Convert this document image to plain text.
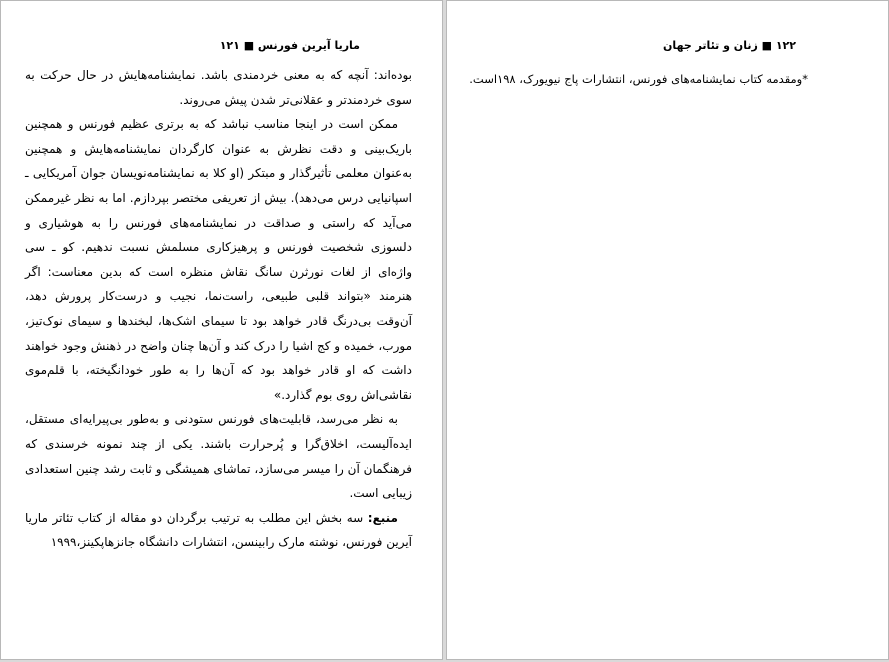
ماریا آیرین فورنس ■ ۱۲۱

بوده‌اند: آنچه که به معنی خردمندی باشد. نمایشنامه‌هایش در حال حرکت به سوی خردمندتر و عقلانی‌تر شدن پیش می‌روند.

ممکن است در اینجا مناسب نباشد که به برتری عظیم فورنس و همچنین باریک‌بینی و دقت نظرش به عنوان کارگردان نمایشنامه‌هایش و همچنین به‌عنوان معلمی تأثیرگذار و مبتکر (او کلا به نمایشنامه‌نویسان جوان آمریکایی ـ اسپانیایی درس می‌دهد). بیش از تعریفی مختصر بپردازم. اما به نظر غیرممکن می‌آید که راستی و صداقت در نمایشنامه‌های فورنس را به هوشیاری و دلسوزی شخصیت فورنس و پرهیزکاری مسلمش نسبت ندهیم. کو ـ سی واژه‌ای از لغات نورثرن سانگ نقاش منظره است که بدین معناست: اگر هنرمند «بتواند قلبی طبیعی، راست‌نما، نجیب و درست‌کار پرورش دهد، آن‌وقت بی‌درنگ قادر خواهد بود تا سیمای اشک‌ها، لبخندها و سیمای نوک‌تیز، مورب، خمیده و کج اشیا را درک کند و آن‌ها چنان واضح در ذهنش وجود خواهند داشت که او قادر خواهد بود که آن‌ها را به طور خودانگیخته، با قلم‌موی نقاشی‌اش روی بوم گذارد.»

به نظر می‌رسد، قابلیت‌های فورنس ستودنی و به‌طور بی‌پیرایه‌ای مستقل، ایده‌آلیست، اخلاق‌گرا و پُرحرارت باشند. یکی از چند نمونه خرسندی که فرهنگمان آن را میسر می‌سازد، تماشای همیشگی و ثابت رشد چنین استعدادی زیبایی است.

منبع: سه بخش این مطلب به ترتیب برگردان دو مقاله از کتاب تئاتر ماریا آیرین فورنس، نوشته مارک رابینسن، انتشارات دانشگاه جانزهاپکینز،۱۹۹۹

۱۲۲ ■ زنان و تئاتر جهان
*ومقدمه کتاب نمایشنامه‌های فورنس، انتشارات پاج نیویورک، ۱۹۸است.
